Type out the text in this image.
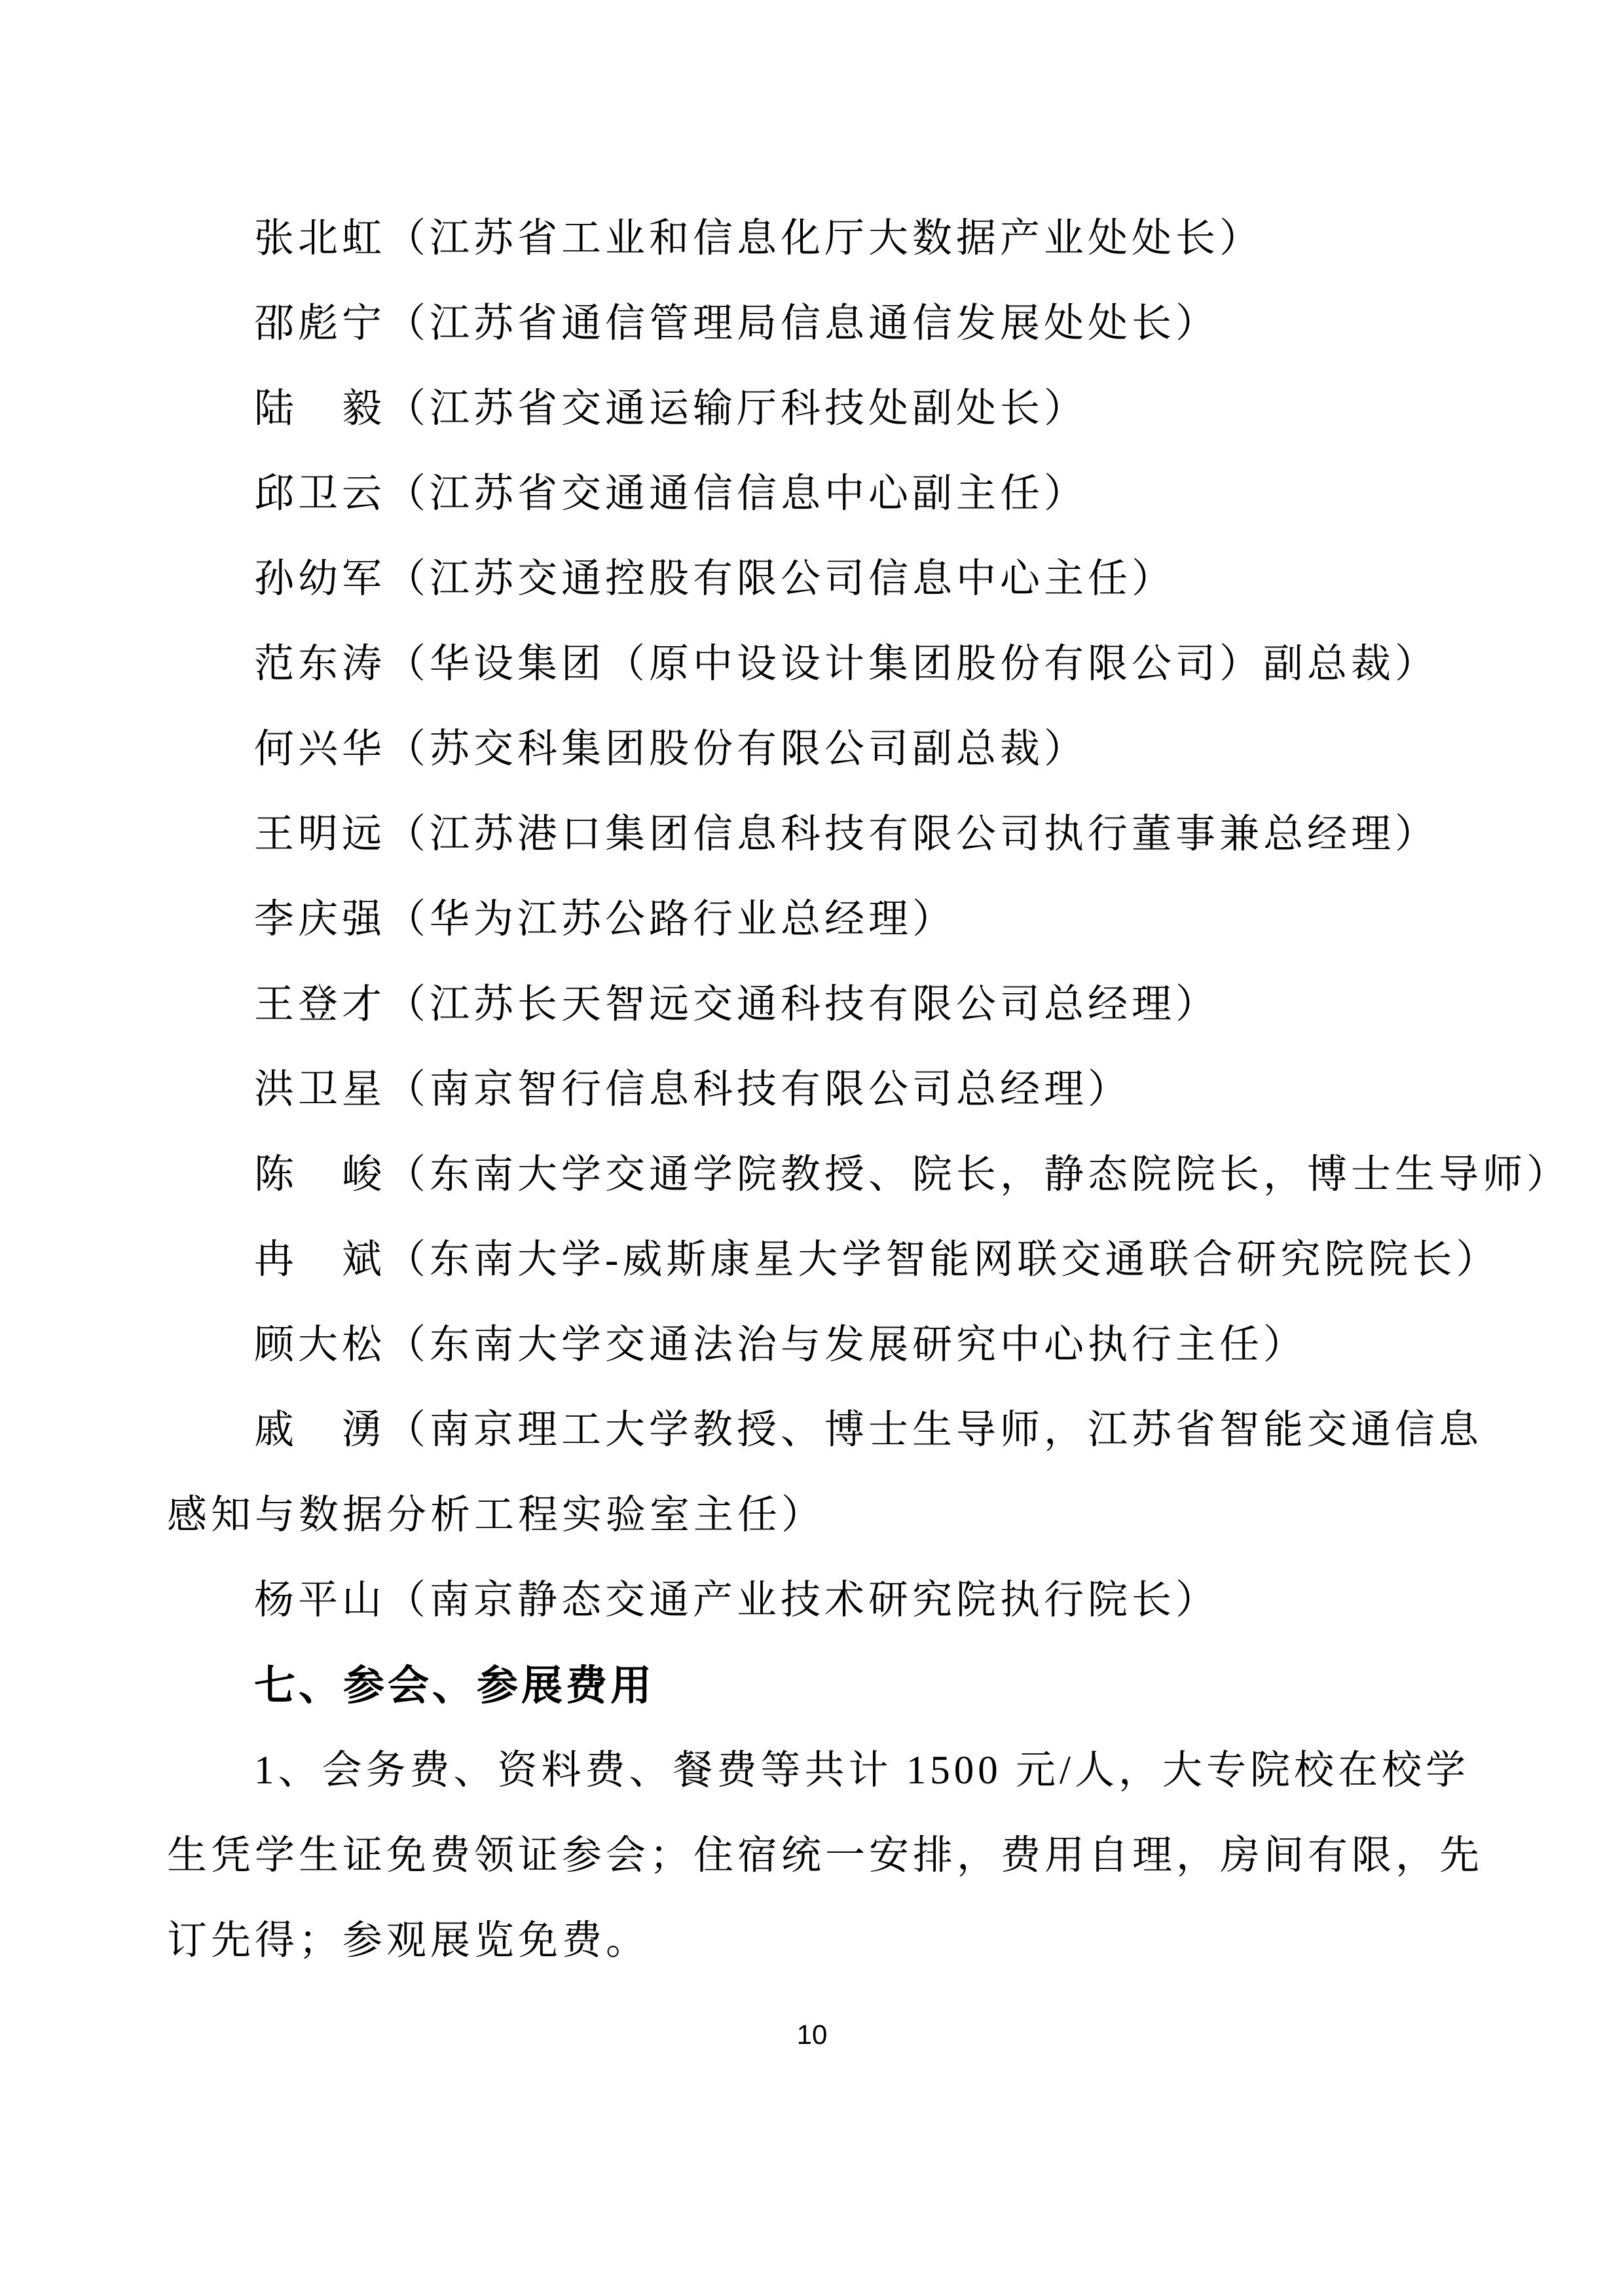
张北虹（江苏省工业和信息化厅大数据产业处处长）
邵彪宁（江苏省通信管理局信息通信发展处处长）
陆　毅（江苏省交通运输厅科技处副处长）
邱卫云（江苏省交通通信信息中心副主任）
孙幼军（江苏交通控股有限公司信息中心主任）
范东涛（华设集团（原中设设计集团股份有限公司）副总裁）
何兴华（苏交科集团股份有限公司副总裁）
王明远（江苏港口集团信息科技有限公司执行董事兼总经理）
李庆强（华为江苏公路行业总经理）
王登才（江苏长天智远交通科技有限公司总经理）
洪卫星（南京智行信息科技有限公司总经理）
陈　峻（东南大学交通学院教授、院长，静态院院长，博士生导师）
冉　斌（东南大学-威斯康星大学智能网联交通联合研究院院长）
顾大松（东南大学交通法治与发展研究中心执行主任）
戚　湧（南京理工大学教授、博士生导师，江苏省智能交通信息
感知与数据分析工程实验室主任）
杨平山（南京静态交通产业技术研究院执行院长）
七、参会、参展费用
1、会务费、资料费、餐费等共计 1500 元/人，大专院校在校学
生凭学生证免费领证参会；住宿统一安排，费用自理，房间有限，先
订先得；参观展览免费。
10
